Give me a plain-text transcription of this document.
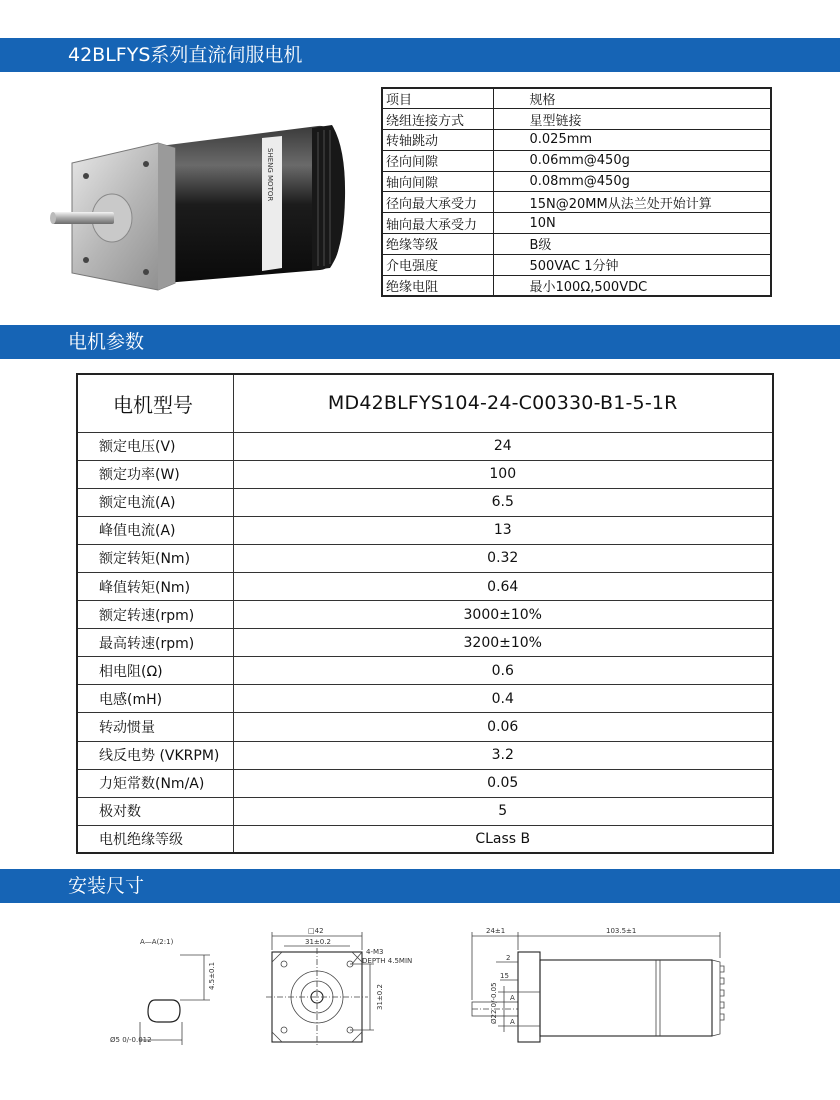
42BLFYS系列直流伺服电机
SHENG MOTOR
项目	规格
绕组连接方式	星型链接
转轴跳动	0.025mm
径向间隙	0.06mm@450g
轴向间隙	0.08mm@450g
径向最大承受力	15N@20MM从法兰处开始计算
轴向最大承受力	10N
绝缘等级	B级
介电强度	500VAC 1分钟
绝缘电阻	最小100Ω,500VDC
电机参数
电机型号	MD42BLFYS104-24-C00330-B1-5-1R
额定电压(V)	24
额定功率(W)	100
额定电流(A)	6.5
峰值电流(A)	13
额定转矩(Nm)	0.32
峰值转矩(Nm)	0.64
额定转速(rpm)	3000±10%
最高转速(rpm)	3200±10%
相电阻(Ω)	0.6
电感(mH)	0.4
转动惯量	0.06
线反电势 (VKRPM)	3.2
力矩常数(Nm/A)	0.05
极对数	5
电机绝缘等级	CLass B
安装尺寸
A—A(2:1)
4.5±0.1
Ø5 0/-0.012
□42
31±0.2
31±0.2
4-M3
DEPTH 4.5MIN
24±1	103.5±1
2
15
Ø22 0/-0.05 A
A
